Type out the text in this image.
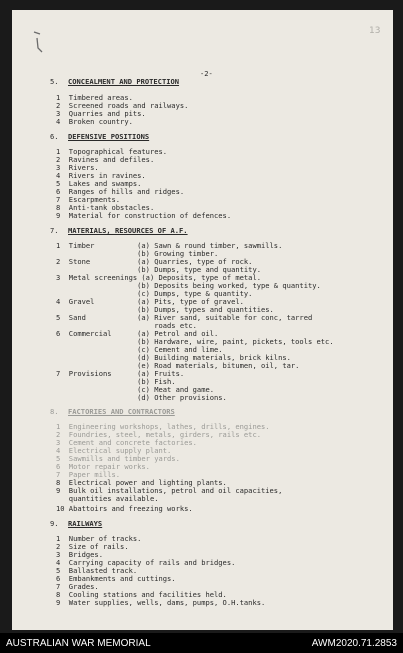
13
-2-
5. CONCEALMENT AND PROTECTION
1  Timbered areas.
2  Screened roads and railways.
3  Quarries and pits.
4  Broken country.
6. DEFENSIVE POSITIONS
1  Topographical features.
2  Ravines and defiles.
3  Rivers.
4  Rivers in ravines.
5  Lakes and swamps.
6  Ranges of hills and ridges.
7  Escarpments.
8  Anti-tank obstacles.
9  Material for construction of defences.
7. MATERIALS, RESOURCES OF A.F.
1  Timber          (a) Sawn & round timber, sawmills.
(b) Growing timber.
2  Stone           (a) Quarries, type of rock.
(b) Dumps, type and quantity.
3  Metal screenings (a) Deposits, type of metal.
(b) Deposits being worked, type & quantity.
(c) Dumps, type & quantity.
4  Gravel          (a) Pits, type of gravel.
(b) Dumps, types and quantities.
5  Sand            (a) River sand, suitable for conc, tarred
roads etc.
6  Commercial      (a) Petrol and oil.
(b) Hardware, wire, paint, pickets, tools etc.
(c) Cement and lime.
(d) Building materials, brick kilns.
(e) Road materials, bitumen, oil, tar.
7  Provisions      (a) Fruits.
(b) Fish.
(c) Meat and game.
(d) Other provisions.
8. FACTORIES AND CONTRACTORS
1  Engineering workshops, lathes, drills, engines.
2  Foundries, steel, metals, girders, rails etc.
3  Cement and concrete factories.
4  Electrical supply plant.
5  Sawmills and timber yards.
6  Motor repair works.
7  Paper mills.
8  Electrical power and lighting plants.
9  Bulk oil installations, petrol and oil capacities,
quantities available.
10 Abattoirs and freezing works.
9. RAILWAYS
1  Number of tracks.
2  Size of rails.
3  Bridges.
4  Carrying capacity of rails and bridges.
5  Ballasted track.
6  Embankments and cuttings.
7  Grades.
8  Cooling stations and facilities held.
9  Water supplies, wells, dams, pumps, O.H.tanks.
AUSTRALIAN WAR MEMORIAL	AWM2020.71.2853
